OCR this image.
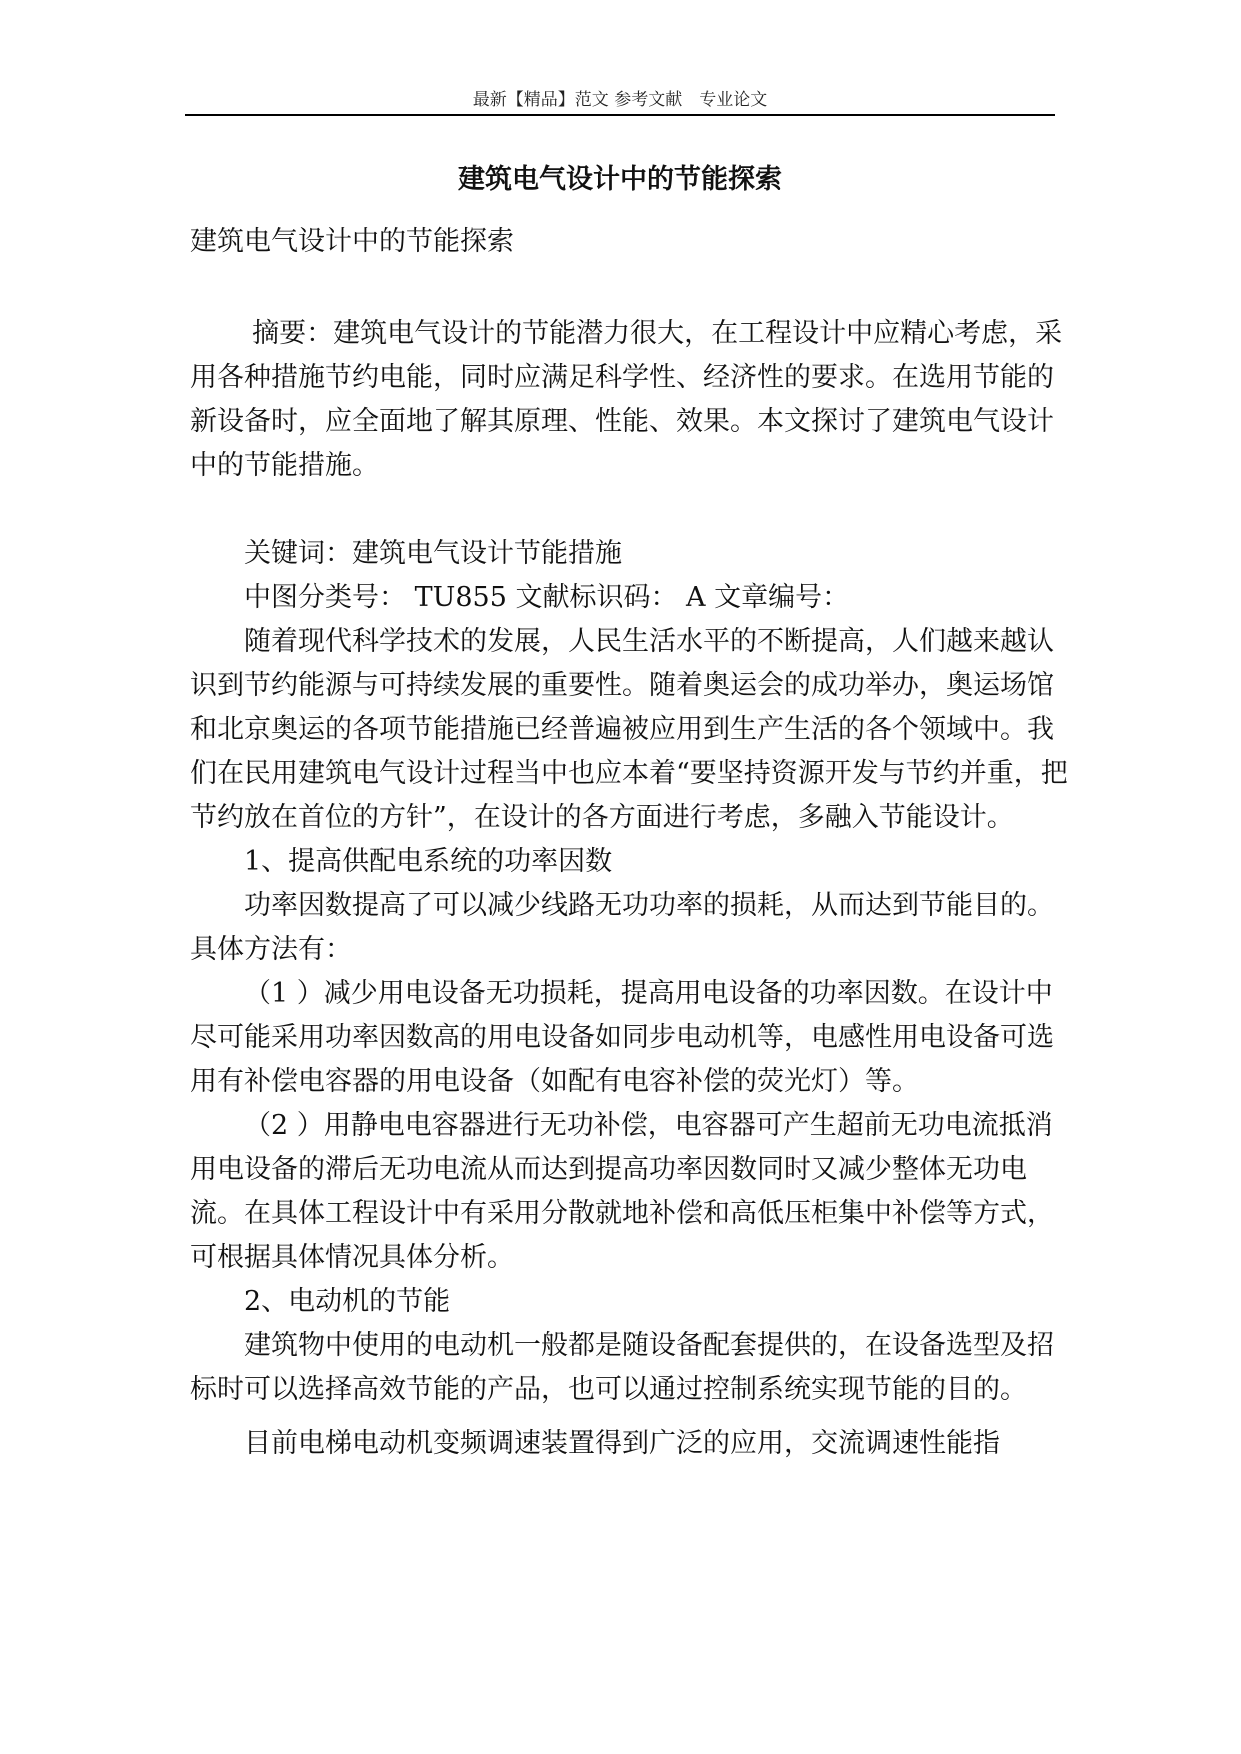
最新【精品】范文 参考文献　专业论文
建筑电气设计中的节能探索
建筑电气设计中的节能探索

摘要：建筑电气设计的节能潜力很大，在工程设计中应精心考虑，采用各种措施节约电能，同时应满足科学性、经济性的要求。在选用节能的新设备时，应全面地了解其原理、性能、效果。本文探讨了建筑电气设计中的节能措施。

关键词：建筑电气设计节能措施

中图分类号： TU855 文献标识码： A 文章编号：

随着现代科学技术的发展，人民生活水平的不断提高，人们越来越认识到节约能源与可持续发展的重要性。随着奥运会的成功举办，奥运场馆和北京奥运的各项节能措施已经普遍被应用到生产生活的各个领域中。我们在民用建筑电气设计过程当中也应本着“要坚持资源开发与节约并重，把节约放在首位的方针”，在设计的各方面进行考虑，多融入节能设计。

1、提高供配电系统的功率因数

功率因数提高了可以减少线路无功功率的损耗，从而达到节能目的。具体方法有：

（1 ）减少用电设备无功损耗，提高用电设备的功率因数。在设计中尽可能采用功率因数高的用电设备如同步电动机等，电感性用电设备可选用有补偿电容器的用电设备（如配有电容补偿的荧光灯）等。

（2 ）用静电电容器进行无功补偿，电容器可产生超前无功电流抵消用电设备的滞后无功电流从而达到提高功率因数同时又减少整体无功电流。在具体工程设计中有采用分散就地补偿和高低压柜集中补偿等方式，可根据具体情况具体分析。

2、电动机的节能

建筑物中使用的电动机一般都是随设备配套提供的，在设备选型及招标时可以选择高效节能的产品，也可以通过控制系统实现节能的目的。

目前电梯电动机变频调速装置得到广泛的应用，交流调速性能指
